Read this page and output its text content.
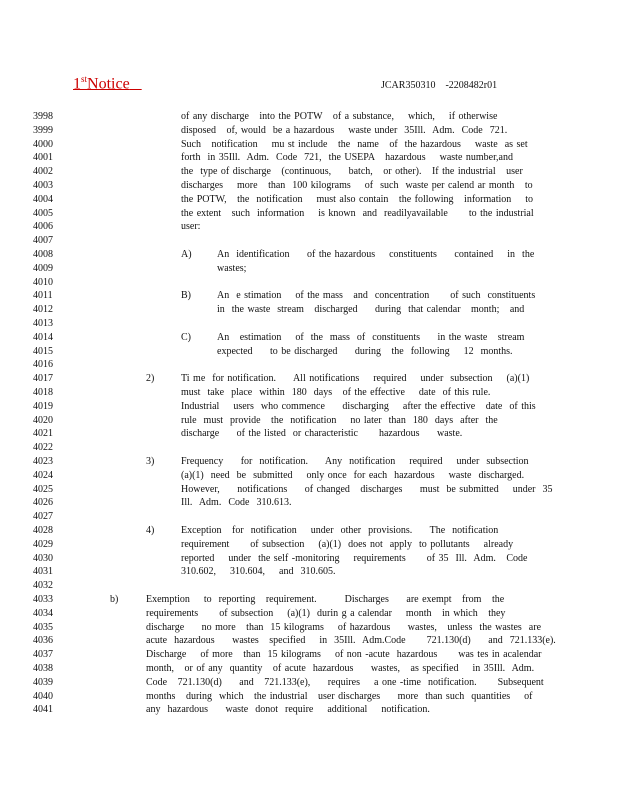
1stNotice	JCAR350310    -2208482r01
3998
3999
4000
4001
4002
4003
4004
4005
4006
4007
4008
4009
4010
4011
4012
4013
4014
4015
4016
4017
4018
4019
4020
4021
4022
4023
4024
4025
4026
4027
4028
4029
4030
4031
4032
4033
4034
4035
4036
4037
4038
4039
4040
4041
of any discharge   into the POTW   of a substance,    which,    if otherwise
disposed   of, would  be a hazardous    waste under  35Ill.  Adm.  Code  721.
Such   notification    mu st include   the  name   of  the hazardous    waste  as set
forth  in 35Ill.  Adm.  Code  721,  the USEPA   hazardous    waste number,and
the  type of discharge   (continuous,     batch,   or other).   If the industrial   user
discharges    more   than  100 kilograms    of  such  waste per calend ar month   to
the POTW,   the  notification    must also contain   the following   information    to
the extent   such  information    is known  and  readilyavailable      to the industrial
user:
A)	An  identification     of the hazardous    constituents     contained    in  the
wastes;
B)	An  e stimation    of the mass   and  concentration      of such  constituents
in  the waste  stream   discharged     during  that calendar   month;   and
C)	An   estimation    of  the  mass  of  constituents     in the waste   stream
expected     to be discharged     during   the  following    12  months.
2)	Ti me  for notification.     All notifications    required    under  subsection    (a)(1)
must  take  place  within  180  days   of the effective    date  of this rule.
Industrial    users  who commence     discharging    after the effective   date  of this
rule  must  provide   the  notification    no later  than  180  days  after  the
discharge     of the listed  or characteristic      hazardous     waste.
3)	Frequency     for  notification.     Any  notification    required    under  subsection
(a)(1)  need  be  submitted    only once  for each  hazardous    waste  discharged.
However,     notifications     of changed   discharges     must  be submitted    under  35
Ill.  Adm.  Code  310.613.
4)	Exception   for  notification    under  other  provisions.     The  notification
requirement      of subsection    (a)(1)  does not  apply  to pollutants    already
reported    under  the self -monitoring    requirements      of 35  Ill.  Adm.   Code
310.602,    310.604,    and  310.605.
b)	Exemption    to  reporting   requirement.        Discharges     are exempt   from   the
requirements      of subsection    (a)(1)  durin g a calendar    month   in which   they
discharge     no more   than  15 kilograms    of hazardous     wastes,   unless  the wastes  are
acute  hazardous     wastes   specified    in  35Ill.  Adm.Code      721.130(d)     and  721.133(e).
Discharge    of more   than  15 kilograms    of non -acute  hazardous      was tes in acalendar
month,   or of any  quantity   of acute  hazardous     wastes,   as specified    in 35Ill.  Adm.
Code   721.130(d)     and   721.133(e),     requires    a one -time  notification.      Subsequent
months   during  which   the industrial   user discharges     more  than such  quantities    of
any  hazardous     waste  donot  require    additional    notification.
